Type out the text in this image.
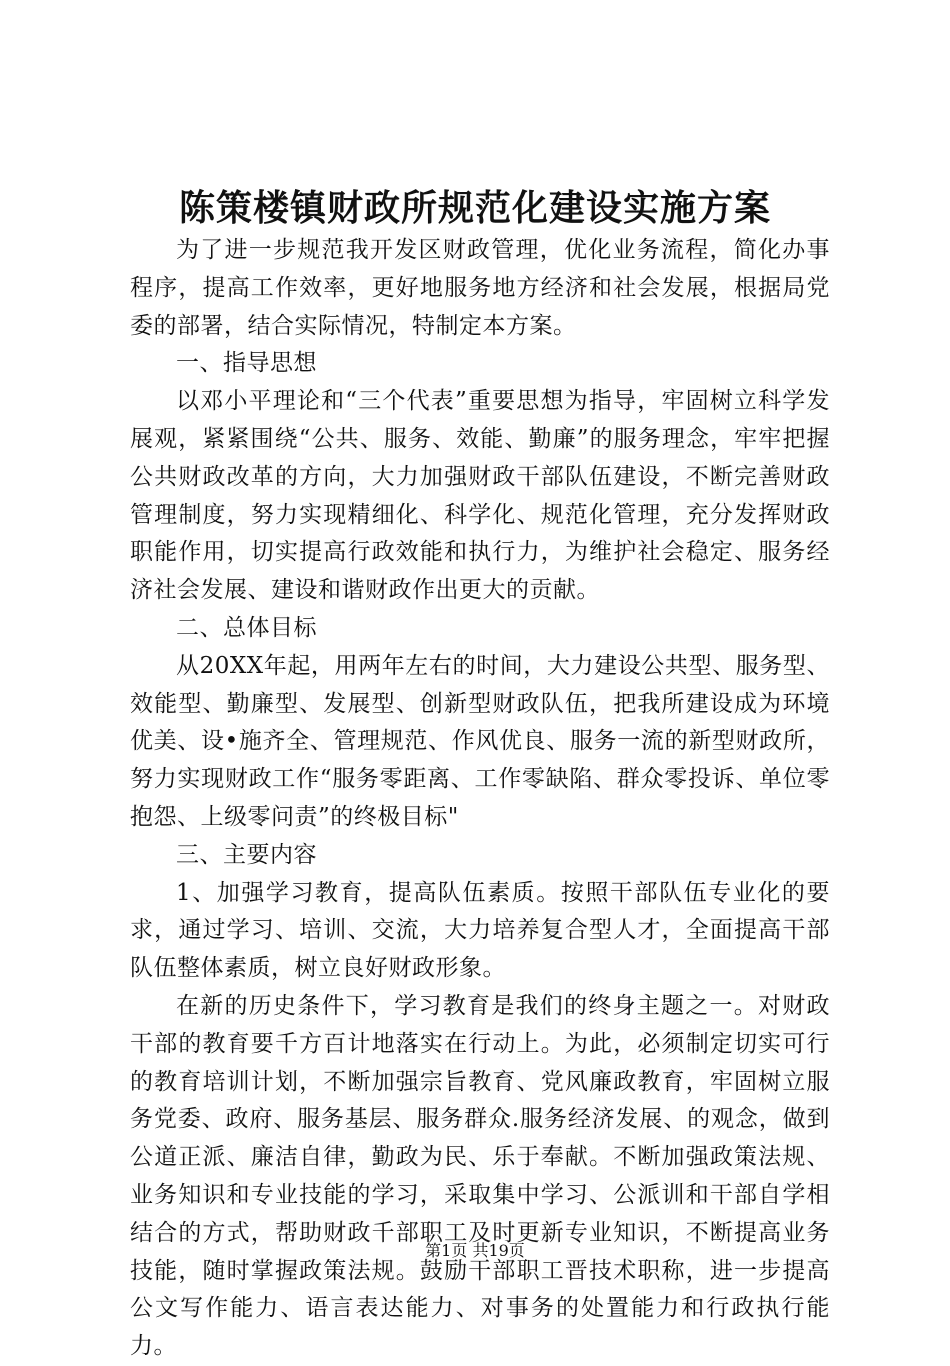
陈策楼镇财政所规范化建设实施方案

为了进一步规范我开发区财政管理，优化业务流程，简化办事程序，提高工作效率，更好地服务地方经济和社会发展，根据局党委的部署，结合实际情况，特制定本方案。

一、指导思想

以邓小平理论和“三个代表”重要思想为指导，牢固树立科学发展观，紧紧围绕“公共、服务、效能、勤廉”的服务理念，牢牢把握公共财政改革的方向，大力加强财政干部队伍建设，不断完善财政管理制度，努力实现精细化、科学化、规范化管理，充分发挥财政职能作用，切实提高行政效能和执行力，为维护社会稳定、服务经济社会发展、建设和谐财政作出更大的贡献。

二、总体目标

从20XX年起，用两年左右的时间，大力建设公共型、服务型、效能型、勤廉型、发展型、创新型财政队伍，把我所建设成为环境优美、设•施齐全、管理规范、作风优良、服务一流的新型财政所，努力实现财政工作“服务零距离、工作零缺陷、群众零投诉、单位零抱怨、上级零问责”的终极目标"

三、主要内容

1、加强学习教育，提高队伍素质。按照干部队伍专业化的要求，通过学习、培训、交流，大力培养复合型人才，全面提高干部队伍整体素质，树立良好财政形象。

在新的历史条件下，学习教育是我们的终身主题之一。对财政干部的教育要千方百计地落实在行动上。为此，必须制定切实可行的教育培训计划，不断加强宗旨教育、党风廉政教育，牢固树立服务党委、政府、服务基层、服务群众.服务经济发展、的观念，做到公道正派、廉洁自律，勤政为民、乐于奉献。不断加强政策法规、业务知识和专业技能的学习，采取集中学习、公派训和干部自学相结合的方式，帮助财政千部职工及时更新专业知识，不断提高业务技能，随时掌握政策法规。鼓励干部职工晋技术职称，进一步提高公文写作能力、语言表达能力、对事务的处置能力和行政执行能力。

第1页 共19页
